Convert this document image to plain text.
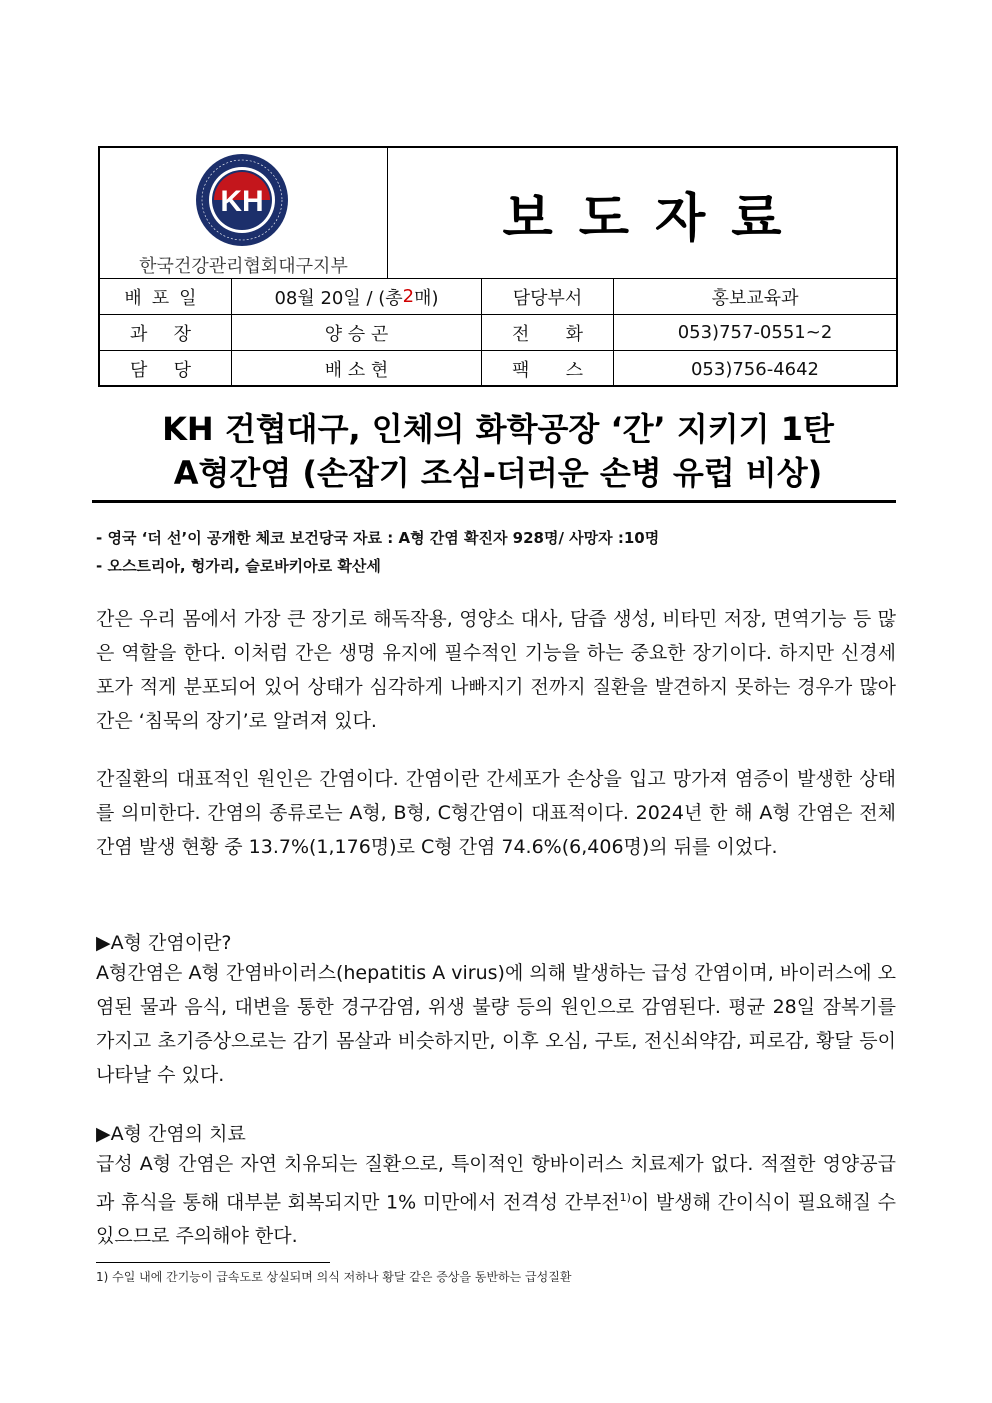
KH
한국건강관리협회대구지부
보도자료
배포일	08월 20일 / (총 2 매)	담당부서	홍보교육과
과 장	양 승 곤	전 화	053)757-0551~2
담 당	배 소 현	팩 스	053)756-4642
KH 건협대구, 인체의 화학공장 ‘간’ 지키기 1탄
A형간염 (손잡기 조심-더러운 손병 유럽 비상)
- 영국 ‘더 선’이 공개한 체코 보건당국 자료 : A형 간염 확진자 928명/ 사망자 :10명
- 오스트리아, 헝가리, 슬로바키아로 확산세
간은 우리 몸에서 가장 큰 장기로 해독작용, 영양소 대사, 담즙 생성, 비타민 저장, 면역기능 등 많은 역할을 한다. 이처럼 간은 생명 유지에 필수적인 기능을 하는 중요한 장기이다. 하지만 신경세포가 적게 분포되어 있어 상태가 심각하게 나빠지기 전까지 질환을 발견하지 못하는 경우가 많아 간은 ‘침묵의 장기’로 알려져 있다.
간질환의 대표적인 원인은 간염이다. 간염이란 간세포가 손상을 입고 망가져 염증이 발생한 상태를 의미한다. 간염의 종류로는 A형, B형, C형간염이 대표적이다. 2024년 한 해 A형 간염은 전체 간염 발생 현황 중 13.7%(1,176명)로 C형 간염 74.6%(6,406명)의 뒤를 이었다.
▶A형 간염이란?
A형간염은 A형 간염바이러스(hepatitis A virus)에 의해 발생하는 급성 간염이며, 바이러스에 오염된 물과 음식, 대변을 통한 경구감염, 위생 불량 등의 원인으로 감염된다. 평균 28일 잠복기를 가지고 초기증상으로는 감기 몸살과 비슷하지만, 이후 오심, 구토, 전신쇠약감, 피로감, 황달 등이 나타날 수 있다.
▶A형 간염의 치료
급성 A형 간염은 자연 치유되는 질환으로, 특이적인 항바이러스 치료제가 없다. 적절한 영양공급과 휴식을 통해 대부분 회복되지만 1% 미만에서 전격성 간부전$^{1)}$이 발생해 간이식이 필요해질 수 있으므로 주의해야 한다.
1) 수일 내에 간기능이 급속도로 상실되며 의식 저하나 황달 같은 증상을 동반하는 급성질환
